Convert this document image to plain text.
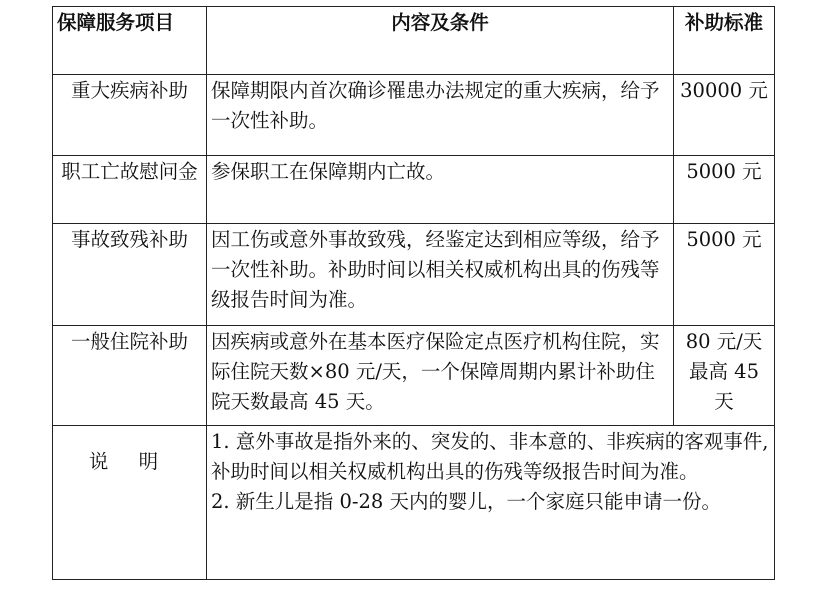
保障服务项目	内容及条件	补助标准
重大疾病补助	保障期限内首次确诊罹患办法规定的重大疾病，给予一次性补助。	30000 元
职工亡故慰问金	参保职工在保障期内亡故。	5000 元
事故致残补助	因工伤或意外事故致残，经鉴定达到相应等级，给予一次性补助。补助时间以相关权威机构出具的伤残等级报告时间为准。	5000 元
一般住院补助	因疾病或意外在基本医疗保险定点医疗机构住院，实际住院天数×80 元/天，一个保障周期内累计补助住院天数最高 45 天。	80 元/天 最高 45 天

说 明	1. 意外事故是指外来的、突发的、非本意的、非疾病的客观事件,补助时间以相关权威机构出具的伤残等级报告时间为准。
2. 新生儿是指 0-28 天内的婴儿，一个家庭只能申请一份。	
